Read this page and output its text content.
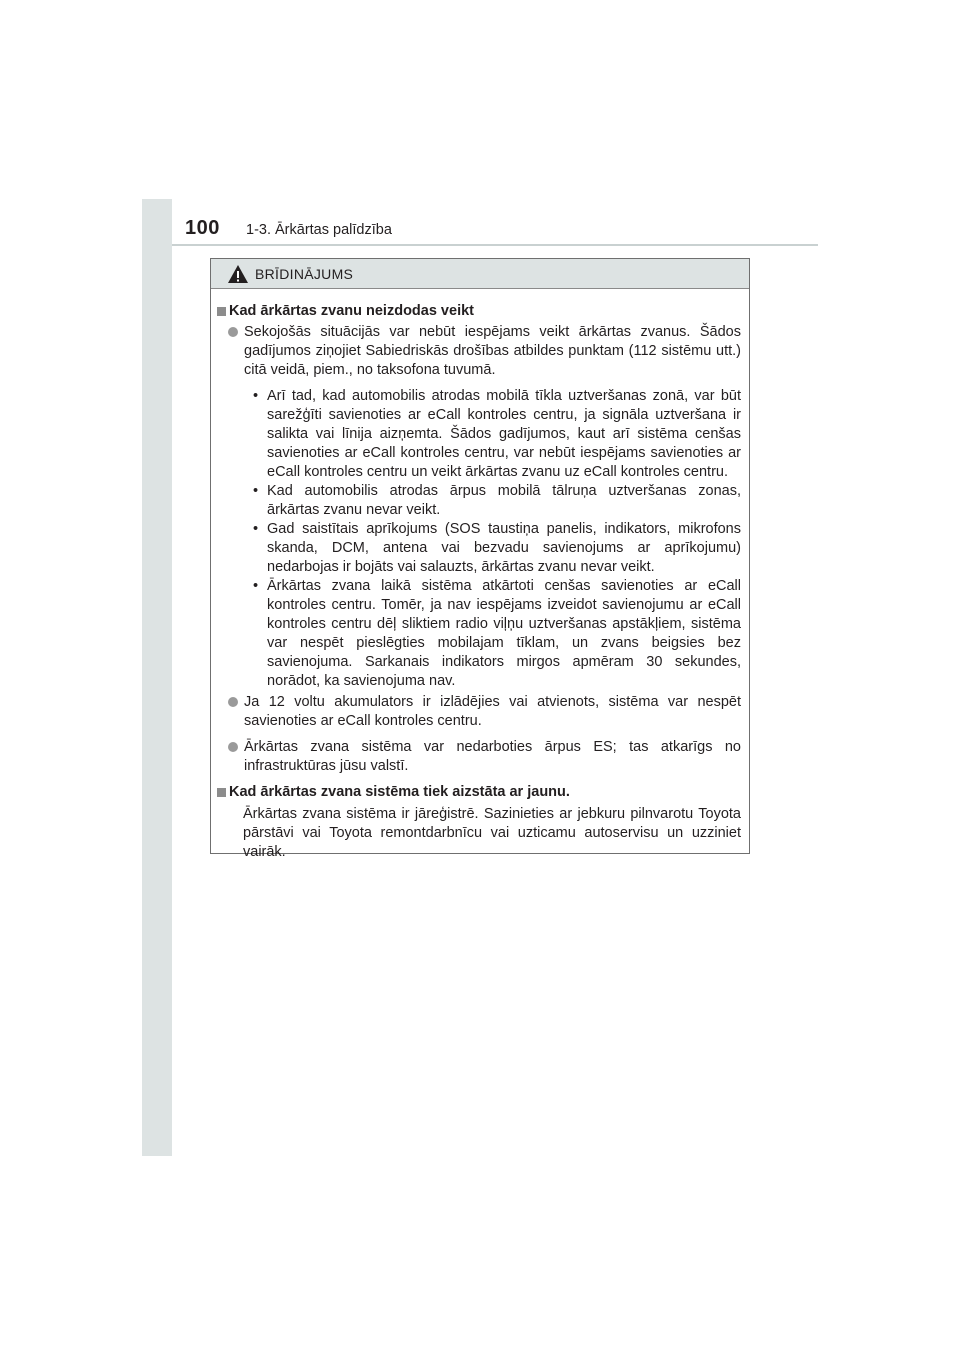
100 1-3. Ārkārtas palīdzība
BRĪDINĀJUMS
Kad ārkārtas zvanu neizdodas veikt
Sekojošās situācijās var nebūt iespējams veikt ārkārtas zvanus. Šādos gadījumos ziņojiet Sabiedriskās drošības atbildes punktam (112 sistēmu utt.) citā veidā, piem., no taksofona tuvumā.
• Arī tad, kad automobilis atrodas mobilā tīkla uztveršanas zonā, var būt sarežģīti savienoties ar eCall kontroles centru, ja signāla uztveršana ir salikta vai līnija aizņemta. Šādos gadījumos, kaut arī sistēma cenšas savienoties ar eCall kontroles centru, var nebūt iespējams savienoties ar eCall kontroles centru un veikt ārkārtas zvanu uz eCall kontroles centru.
• Kad automobilis atrodas ārpus mobilā tālruņa uztveršanas zonas, ārkārtas zvanu nevar veikt.
• Gad saistītais aprīkojums (SOS taustiņa panelis, indikators, mikrofons skanda, DCM, antena vai bezvadu savienojums ar aprīkojumu) nedarbojas ir bojāts vai salauzts, ārkārtas zvanu nevar veikt.
• Ārkārtas zvana laikā sistēma atkārtoti cenšas savienoties ar eCall kontroles centru. Tomēr, ja nav iespējams izveidot savienojumu ar eCall kontroles centru dēļ sliktiem radio viļņu uztveršanas apstākļiem, sistēma var nespēt pieslēgties mobilajam tīklam, un zvans beigsies bez savienojuma. Sarkanais indikators mirgos apmēram 30 sekundes, norādot, ka savienojuma nav.
Ja 12 voltu akumulators ir izlādējies vai atvienots, sistēma var nespēt savienoties ar eCall kontroles centru.
Ārkārtas zvana sistēma var nedarboties ārpus ES; tas atkarīgs no infrastruktūras jūsu valstī.
Kad ārkārtas zvana sistēma tiek aizstāta ar jaunu.
Ārkārtas zvana sistēma ir jāreģistrē. Sazinieties ar jebkuru pilnvarotu Toyota pārstāvi vai Toyota remontdarbnīcu vai uzticamu autoservisu un uzziniet vairāk.
